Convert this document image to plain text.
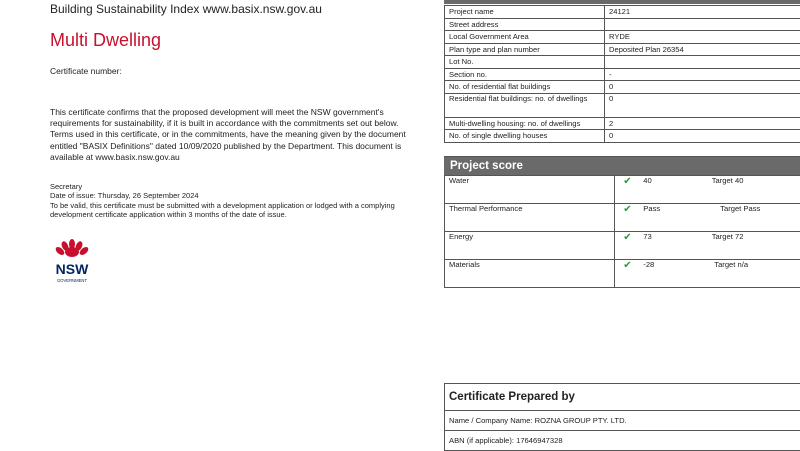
Building Sustainability Index www.basix.nsw.gov.au
Multi Dwelling
Certificate number:
This certificate confirms that the proposed development will meet the NSW government's requirements for sustainability, if it is built in accordance with the commitments set out below. Terms used in this certificate, or in the commitments, have the meaning given by the document entitled "BASIX Definitions" dated 10/09/2020 published by the Department. This document is available at www.basix.nsw.gov.au
Secretary
Date of issue: Thursday, 26 September 2024
To be valid, this certificate must be submitted with a development application or lodged with a complying development certificate application within 3 months of the date of issue.
NSW
GOVERNMENT
Project name	24121
Street address	
Local Government Area	RYDE
Plan type and plan number	Deposited Plan 26354
Lot No.	
Section no.	-
No. of residential flat buildings	0
Residential flat buildings: no. of dwellings	0
Multi-dwelling housing: no. of dwellings	2
No. of single dwelling houses	0
Project score
Water	✔ 40 Target 40
Thermal Performance	✔ Pass Target Pass
Energy	✔ 73 Target 72
Materials	✔ -28 Target n/a
Certificate Prepared by
Name / Company Name: ROZNA GROUP PTY. LTD.
ABN (if applicable): 17646947328
